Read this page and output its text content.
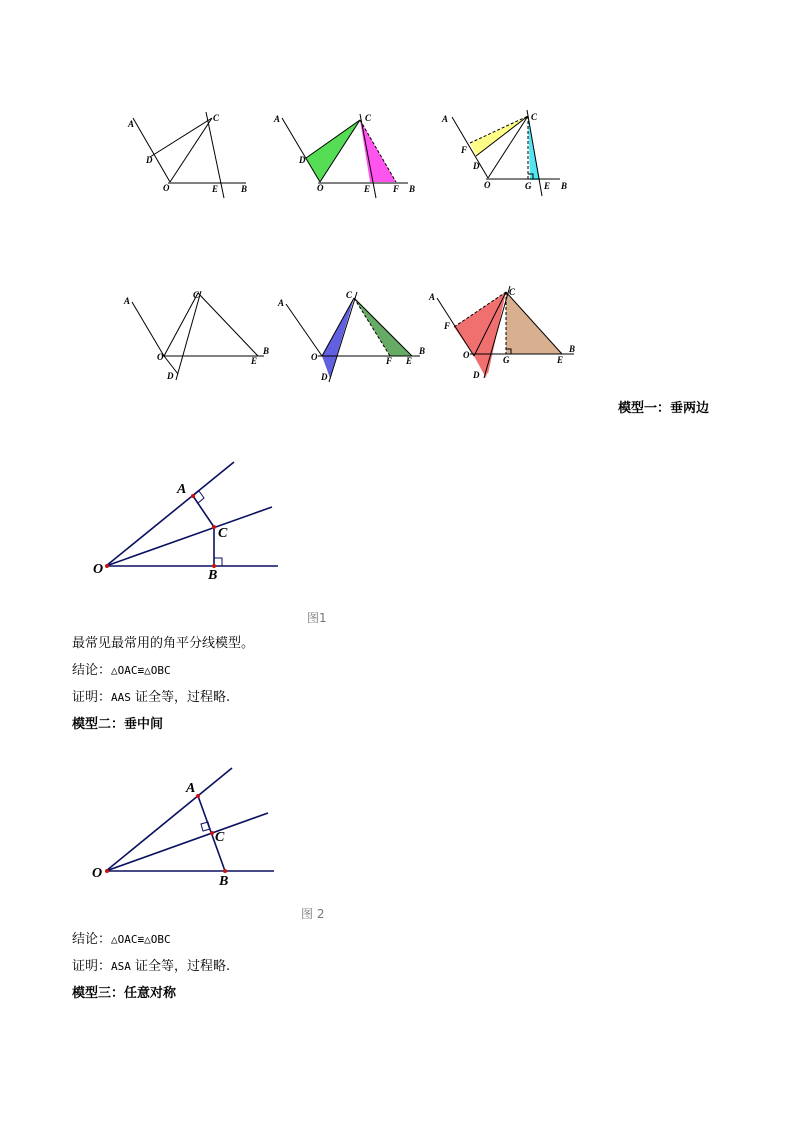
A
C
D
O	E	B
A	C
D
O	E	F B
A	C
F
D
O	G E B
A
C
O
D
E
B
A
C
O
D
F E
B
A	C
F
O
D
G	E
B
模型一：垂两边
A
C
O	B
图1
最常见最常用的角平分线模型。
结论：△OAC≌△OBC
证明：AAS 证全等，过程略.
模型二：垂中间
A
C
O
B
图 2
结论：△OAC≌△OBC
证明：ASA 证全等，过程略.
模型三：任意对称
